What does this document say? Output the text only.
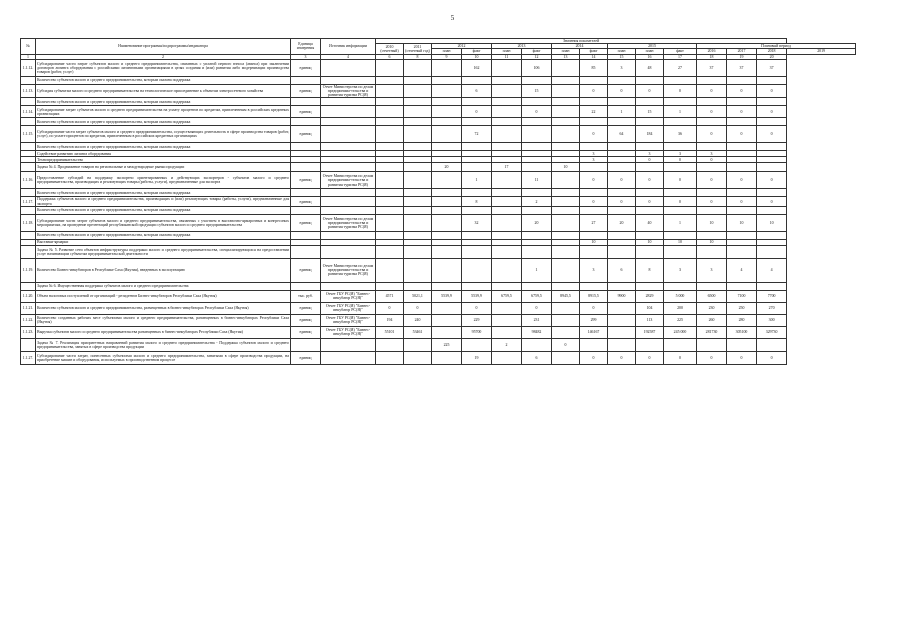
5
№	Наименование программы/подпрограммы/индикатора	Единица измерения	Источник информации	Значения показателей														
				2010 (отчетный)	2011 (отчетный год)	2012		2013		2014		2015			Плановый период			
						план	факт	план	факт	план	факт	план	план	факт	2016	2017	2018	2019
1	2	3	4	6	8	9	10	11	12	13	14	15	16	17	18	19	20	
1.1.12.	Субсидирование части затрат субъектов малого и среднего предпринимательства, связанных с уплатой первого взноса (аванса) при заключении договоров лизинга оборудования с российскими лизинговыми организациями в целях создания и (или) развития либо модернизации производства товаров (работ, услуг)	единиц					162		106		85	3	48	27	37	37	37	
	Количество субъектов малого и среднего предпринимательства, которым оказана поддержка																	
1.1.13.	Субсидия субъектам малого и среднего предпринимательства на технологическое присоединение к объектам электросетевого хозяйства	единиц	Отчет Министерства по делам предпринима-тельства и развития туризма РС(Я)				6		15		0	0	0	0	0	0	0	
	Количество субъектов малого и среднего предпринимательства, которым оказана поддержка																	
1.1.14.	Субсидирование затрат субъектов малого и среднего предпринимательства на уплату процентов по кредитам, привлеченным в российских кредитных организациях	единиц					0		0		22	1	15	1	0	0	0	
	Количество субъектов малого и среднего предпринимательства, которым оказана поддержка																	
1.1.15.	Субсидирование части затрат субъектов малого и среднего предпринимательства, осуществляющих деятельность в сфере производства товаров (работ, услуг), по уплате процентов по кредитам, привлеченным в российских кредитных организациях	единиц					72				0	64	184	36	0	0	0	
	Количество субъектов малого и среднего предпринимательства, которым оказана поддержка																	
	Содействие развитию лизинга оборудования										3		3	3	3			
	Технопредпринимательство										3		0	0	0			
	Задача № 4. Продвижение товаров на региональные и международные рынки продукции					20		17		10								
1.1.16.	Предоставление субсидий на поддержку экспортно ориентированных и действующих экспортеров - субъектов малого и среднего предпринимательства, производящих и реализующих товары (работы, услуги), предназначенные для экспорта	единиц	Отчет Министерства по делам предпринима-тельства и развития туризма РС(Я)				1		11		0	0	0	0	0	0	0	
	Количество субъектов малого и среднего предпринимательства, которым оказана поддержка																	
1.1.17.	Поддержка субъектов малого и среднего предпринимательства, производящих и (или) реализующих товары (работы, услуги), предназначенные для экспорта	единиц					8		2		0	0	0	0	0	0	0	
	Количество субъектов малого и среднего предпринимательства, которым оказана поддержка																	
1.1.18.	Субсидирование части затрат субъектов малого и среднего предпринимательства, связанных с участием в выставочно-ярмарочных и конгрессных мероприятиях, на проведение презентаций республиканской продукции субъектов малого и среднего предпринимательства	единиц	Отчет Министерства по делам предпринима-тельства и развития туризма РС(Я)				32		20		27	20	40	1	10	10	10	
	Количество субъектов малого и среднего предпринимательства, которым оказана поддержка																	
	Выставки-ярмарки										10		10	10	10			
	Задача № 5. Развитие сети объектов инфраструктуры поддержки малого и среднего предпринимательства, специализирующихся на предоставлении услуг начинающим субъектам предпринимательской деятельности																	
1.1.19.	Количество Бизнес-инкубаторов в Республике Саха (Якутия), введенных в эксплуатацию	единиц	Отчет Министерства по делам предпринима-тельства и развития туризма РС(Я)						1		3	6	8	3	3	4	4	
	Задача № 6. Имущественная поддержка субъектов малого и среднего предпринимательства																	
1.1.20.	Объем налоговых поступлений от организаций - резидентов Бизнес-инкубаторов Республики Саха (Якутия)	тыс. руб.	Отчет ГБУ РС(Я) "Бизнес-инкубатор РС(Я)"	4571	5021,1	5539,9	5539,9	6759,5	6759,5	8945,5	8915,5	9900	2829	5 000	6500	7100	7700	
1.1.21.	Количество субъектов малого и среднего предпринимательства, размещенных в бизнес-инкубаторах Республики Саха (Якутия)	единиц	Отчет ГБУ РС(Я) "Бизнес-инкубатор РС(Я)"	0	0		0		0		0		104	200	230	250	270	
1.1.22.	Количество созданных рабочих мест субъектами малого и среднего предпринимательства, размещенных в бизнес-инкубаторах Республики Саха (Якутия)	единиц	Отчет ГБУ РС(Я) "Бизнес-инкубатор РС(Я)"	194	240		229		231		299		113	225	260	280	300	
1.1.23.	Выручка субъектов малого и среднего предпринимательства размещенных в бизнес-инкубаторах Республики Саха (Якутия)	единиц	Отчет ГБУ РС(Я) "Бизнес-инкубатор РС(Я)"	55101	53461		95700		98482		146167		192587	245 000	281730	305100	329730	
	Задача № 7. Реализация приоритетных направлений развития малого и среднего предпринимательства - Поддержка субъектов малого и среднего предпринимательства, занятых в сфере производства продукции					225		2		0								
1.1.27.	Субсидирование части затрат, понесенных субъектами малого и среднего предпринимательства, занятыми в сфере производства продукции, на приобретение машин и оборудования, используемых в производственном процессе	единиц					19		6		0	0	0	0	0	0	0	
